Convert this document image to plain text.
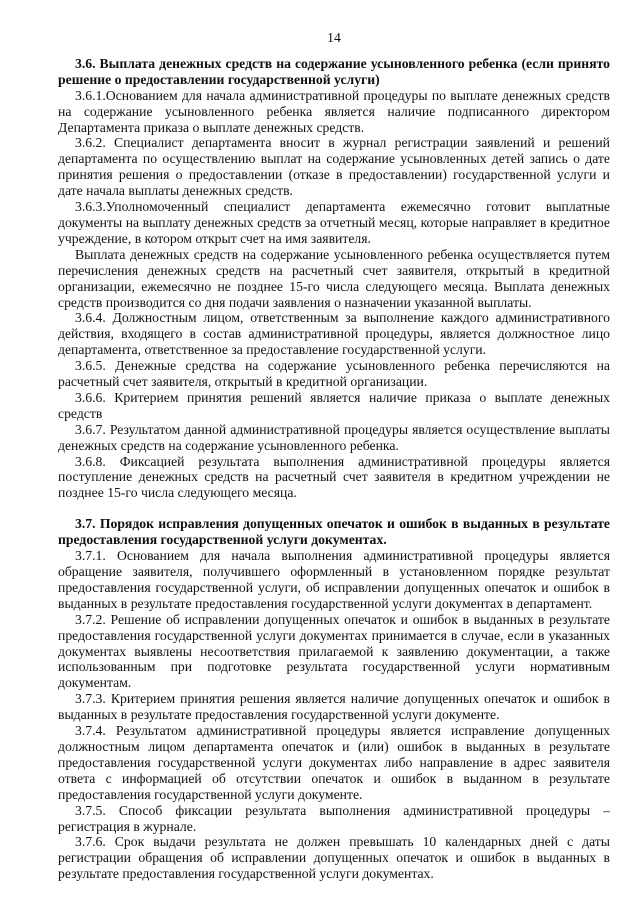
14

3.6. Выплата денежных средств на содержание усыновленного ребенка (если принято решение о предоставлении государственной услуги)

3.6.1.Основанием для начала административной процедуры по выплате денежных средств на содержание усыновленного ребенка является наличие подписанного директором Департамента приказа о выплате денежных средств.

3.6.2. Специалист департамента вносит в журнал регистрации заявлений и решений департамента по осуществлению выплат на содержание усыновленных детей запись о дате принятия решения о предоставлении (отказе в предоставлении) государственной услуги и дате начала выплаты денежных средств.

3.6.3.Уполномоченный специалист департамента ежемесячно готовит выплатные документы на выплату денежных средств за отчетный месяц, которые направляет в кредитное учреждение, в котором открыт счет на имя заявителя.

Выплата денежных средств на содержание усыновленного ребенка осуществляется путем перечисления денежных средств на расчетный счет заявителя, открытый в кредитной организации, ежемесячно не позднее 15-го числа следующего месяца. Выплата денежных средств производится со дня подачи заявления о назначении указанной выплаты.

3.6.4. Должностным лицом, ответственным за выполнение каждого административного действия, входящего в состав административной процедуры, является должностное лицо департамента, ответственное за предоставление государственной услуги.

3.6.5. Денежные средства на содержание усыновленного ребенка перечисляются на расчетный счет заявителя, открытый в кредитной организации.

3.6.6. Критерием принятия решений является наличие приказа о выплате денежных средств

3.6.7. Результатом данной административной процедуры является осуществление выплаты денежных средств на содержание усыновленного ребенка.

3.6.8. Фиксацией результата выполнения административной процедуры является поступление денежных средств на расчетный счет заявителя в кредитном учреждении не позднее 15-го числа следующего месяца.

3.7. Порядок исправления допущенных опечаток и ошибок в выданных в результате предоставления государственной услуги документах.

3.7.1. Основанием для начала выполнения административной процедуры является обращение заявителя, получившего оформленный в установленном порядке результат предоставления государственной услуги, об исправлении допущенных опечаток и ошибок в выданных в результате предоставления государственной услуги документах в департамент.

3.7.2. Решение об исправлении допущенных опечаток и ошибок в выданных в результате предоставления государственной услуги документах принимается в случае, если в указанных документах выявлены несоответствия прилагаемой к заявлению документации, а также использованным при подготовке результата государственной услуги нормативным документам.

3.7.3. Критерием принятия решения является наличие допущенных опечаток и ошибок в выданных в результате предоставления государственной услуги документе.

3.7.4. Результатом административной процедуры является исправление допущенных должностным лицом департамента опечаток и (или) ошибок в выданных в результате предоставления государственной услуги документах либо направление в адрес заявителя ответа с информацией об отсутствии опечаток и ошибок в выданном в результате предоставления государственной услуги документе.

3.7.5. Способ фиксации результата выполнения административной процедуры – регистрация в журнале.

3.7.6. Срок выдачи результата не должен превышать 10 календарных дней с даты регистрации обращения об исправлении допущенных опечаток и ошибок в выданных в результате предоставления государственной услуги документах.
